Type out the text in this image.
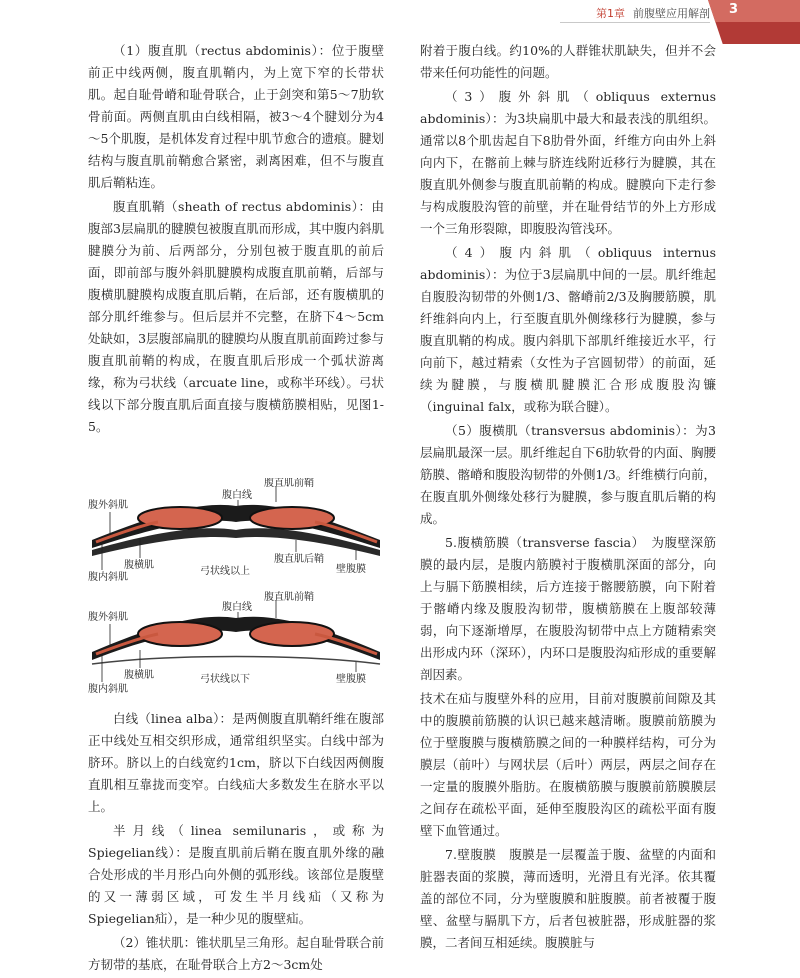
第1章 前腹壁应用解剖 3

（1）腹直肌（rectus abdominis）：位于腹壁前正中线两侧，腹直肌鞘内，为上宽下窄的长带状肌。起自耻骨嵴和耻骨联合，止于剑突和第5～7肋软骨前面。两侧直肌由白线相隔，被3～4个腱划分为4～5个肌腹，是机体发育过程中肌节愈合的遗痕。腱划结构与腹直肌前鞘愈合紧密，剥离困难，但不与腹直肌后鞘粘连。

腹直肌鞘（sheath of rectus abdominis）：由腹部3层扁肌的腱膜包被腹直肌而形成，其中腹内斜肌腱膜分为前、后两部分，分别包被于腹直肌的前后面，即前部与腹外斜肌腱膜构成腹直肌前鞘，后部与腹横肌腱膜构成腹直肌后鞘，在后部，还有腹横肌的部分肌纤维参与。但后层并不完整，在脐下4～5cm处缺如，3层腹部扁肌的腱膜均从腹直肌前面跨过参与腹直肌前鞘的构成，在腹直肌后形成一个弧状游离缘，称为弓状线（arcuate line，或称半环线）。弓状线以下部分腹直肌后面直接与腹横筋膜相贴，见图1-5。

腹直肌前鞘
腹白线
腹外斜肌
腹横肌
腹内斜肌
弓状线以上
腹直肌后鞘
壁腹膜
腹直肌前鞘
腹白线
腹外斜肌
腹横肌
腹内斜肌
弓状线以下	壁腹膜

白线（linea alba）：是两侧腹直肌鞘纤维在腹部正中线处互相交织形成，通常组织坚实。白线中部为脐环。脐以上的白线宽约1cm，脐以下白线因两侧腹直肌相互靠拢而变窄。白线疝大多数发生在脐水平以上。

半月线（linea semilunaris，或称为Spiegelian线）：是腹直肌前后鞘在腹直肌外缘的融合处形成的半月形凸向外侧的弧形线。该部位是腹壁的又一薄弱区域，可发生半月线疝（又称为Spiegelian疝），是一种少见的腹壁疝。

（2）锥状肌：锥状肌呈三角形。起自耻骨联合前方韧带的基底，在耻骨联合上方2～3cm处

附着于腹白线。约10%的人群锥状肌缺失，但并不会带来任何功能性的问题。

（3）腹外斜肌（obliquus externus abdominis）：为3块扁肌中最大和最表浅的肌组织。通常以8个肌齿起自下8肋骨外面，纤维方向由外上斜向内下，在髂前上棘与脐连线附近移行为腱膜，其在腹直肌外侧参与腹直肌前鞘的构成。腱膜向下走行参与构成腹股沟管的前壁，并在耻骨结节的外上方形成一个三角形裂隙，即腹股沟管浅环。

（4）腹内斜肌（obliquus internus abdominis）：为位于3层扁肌中间的一层。肌纤维起自腹股沟韧带的外侧1/3、髂嵴前2/3及胸腰筋膜，肌纤维斜向内上，行至腹直肌外侧缘移行为腱膜，参与腹直肌鞘的构成。腹内斜肌下部肌纤维接近水平，行向前下，越过精索（女性为子宫圆韧带）的前面，延续为腱膜，与腹横肌腱膜汇合形成腹股沟镰（inguinal falx，或称为联合腱）。

（5）腹横肌（transversus abdominis）：为3层扁肌最深一层。肌纤维起自下6肋软骨的内面、胸腰筋膜、髂嵴和腹股沟韧带的外侧1/3。纤维横行向前，在腹直肌外侧缘处移行为腱膜，参与腹直肌后鞘的构成。

5.腹横筋膜（transverse fascia）　为腹壁深筋膜的最内层，是腹内筋膜衬于腹横肌深面的部分，向上与膈下筋膜相续，后方连接于髂腰筋膜，向下附着于髂嵴内缘及腹股沟韧带，腹横筋膜在上腹部较薄弱，向下逐渐增厚，在腹股沟韧带中点上方随精索突出形成内环（深环），内环口是腹股沟疝形成的重要解剖因素。

技术在疝与腹壁外科的应用，目前对腹膜前间隙及其中的腹膜前筋膜的认识已越来越清晰。腹膜前筋膜为位于壁腹膜与腹横筋膜之间的一种膜样结构，可分为膜层（前叶）与网状层（后叶）两层，两层之间存在一定量的腹膜外脂肪。在腹横筋膜与腹膜前筋膜膜层之间存在疏松平面，延伸至腹股沟区的疏松平面有腹壁下血管通过。

7.壁腹膜　腹膜是一层覆盖于腹、盆壁的内面和脏器表面的浆膜，薄而透明，光滑且有光泽。依其覆盖的部位不同，分为壁腹膜和脏腹膜。前者被覆于腹壁、盆壁与膈肌下方，后者包被脏器，形成脏器的浆膜，二者间互相延续。腹膜脏与
